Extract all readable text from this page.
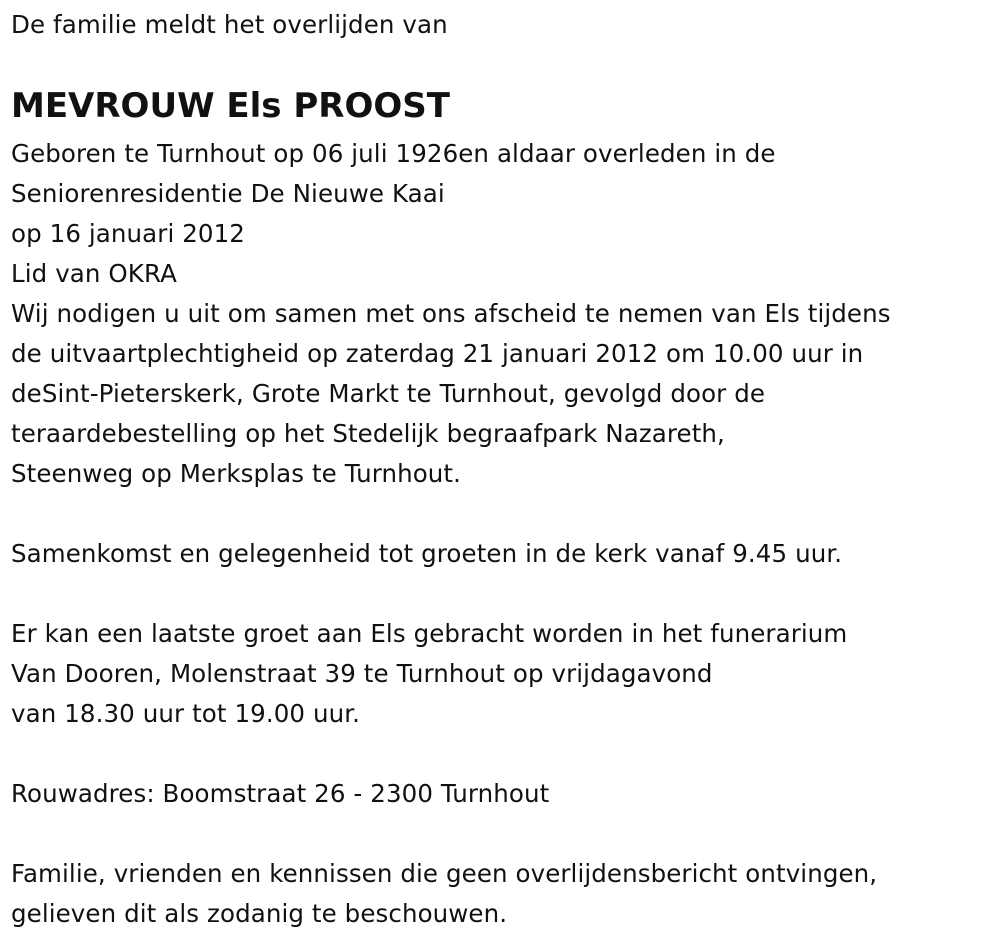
De familie meldt het overlijden van
MEVROUW Els PROOST
Geboren te Turnhout op 06 juli 1926en aldaar overleden in de
Seniorenresidentie De Nieuwe Kaai
op 16 januari 2012
Lid van OKRA
Wij nodigen u uit om samen met ons afscheid te nemen van Els tijdens
de uitvaartplechtigheid op zaterdag 21 januari 2012 om 10.00 uur in
deSint-Pieterskerk, Grote Markt te Turnhout, gevolgd door de
teraardebestelling op het Stedelijk begraafpark Nazareth,
Steenweg op Merksplas te Turnhout.
Samenkomst en gelegenheid tot groeten in de kerk vanaf 9.45 uur.
Er kan een laatste groet aan Els gebracht worden in het funerarium
Van Dooren, Molenstraat 39 te Turnhout op vrijdagavond
van 18.30 uur tot 19.00 uur.
Rouwadres: Boomstraat 26 - 2300 Turnhout
Familie, vrienden en kennissen die geen overlijdensbericht ontvingen,
gelieven dit als zodanig te beschouwen.
